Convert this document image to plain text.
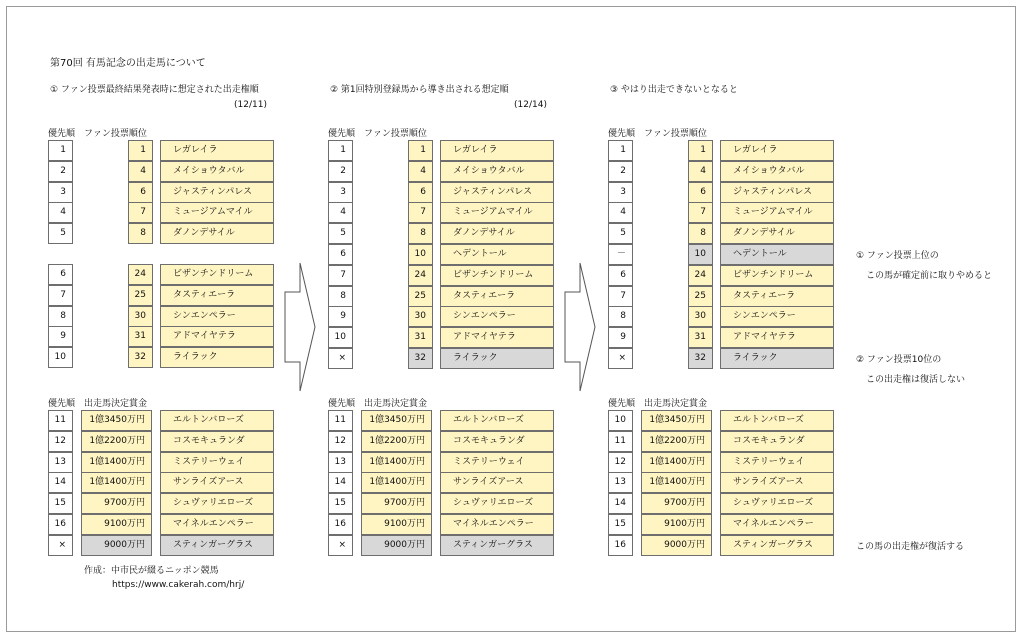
第70回 有馬記念の出走馬について
① ファン投票最終結果発表時に想定された出走権順
(12/11)
② 第1回特別登録馬から導き出される想定順
(12/14)
③ やはり出走できないとなると
優先順 ファン投票順位
優先順 出走馬決定賞金
1	1	レガレイラ
2	4	メイショウタバル
3	6	ジャスティンパレス
4	7	ミュージアムマイル
5	8	ダノンデサイル
6	24	ビザンチンドリーム
7	25	タスティエーラ
8	30	シンエンペラー
9	31	アドマイヤテラ
10	32	ライラック
11	1億3450万円	エルトンバローズ
12	1億2200万円	コスモキュランダ
13	1億1400万円	ミステリーウェイ
14	1億1400万円	サンライズアース
15	9700万円	シュヴァリエローズ
16	9100万円	マイネルエンペラー
×	9000万円	スティンガーグラス
優先順 ファン投票順位
優先順 出走馬決定賞金
1	1	レガレイラ
2	4	メイショウタバル
3	6	ジャスティンパレス
4	7	ミュージアムマイル
5	8	ダノンデサイル
6	10	ヘデントール
7	24	ビザンチンドリーム
8	25	タスティエーラ
9	30	シンエンペラー
10	31	アドマイヤテラ
×	32	ライラック
11	1億3450万円	エルトンバローズ
12	1億2200万円	コスモキュランダ
13	1億1400万円	ミステリーウェイ
14	1億1400万円	サンライズアース
15	9700万円	シュヴァリエローズ
16	9100万円	マイネルエンペラー
×	9000万円	スティンガーグラス
優先順 ファン投票順位
優先順 出走馬決定賞金
1	1	レガレイラ
2	4	メイショウタバル
3	6	ジャスティンパレス
4	7	ミュージアムマイル
5	8	ダノンデサイル
－	10	ヘデントール
6	24	ビザンチンドリーム
7	25	タスティエーラ
8	30	シンエンペラー
9	31	アドマイヤテラ
×	32	ライラック
10	1億3450万円	エルトンバローズ
11	1億2200万円	コスモキュランダ
12	1億1400万円	ミステリーウェイ
13	1億1400万円	サンライズアース
14	9700万円	シュヴァリエローズ
15	9100万円	マイネルエンペラー
16	9000万円	スティンガーグラス
① ファン投票上位の
この馬が確定前に取りやめると
② ファン投票10位の
この出走権は復活しない
この馬の出走権が復活する
作成：中市民が綴るニッポン競馬
https://www.cakerah.com/hrj/
